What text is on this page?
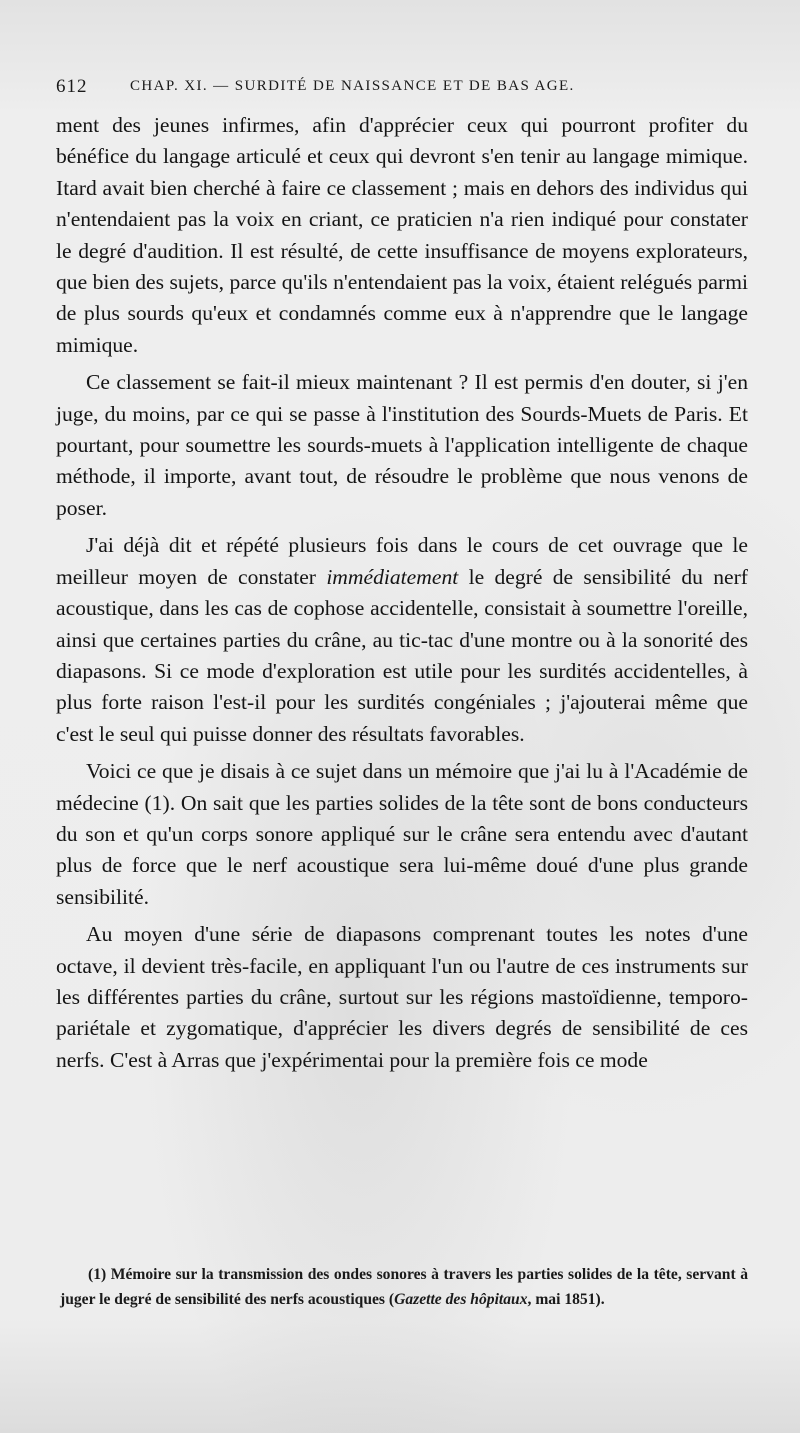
612	CHAP. XI. — SURDITÉ DE NAISSANCE ET DE BAS AGE.

ment des jeunes infirmes, afin d'apprécier ceux qui pourront profiter du bénéfice du langage articulé et ceux qui devront s'en tenir au langage mimique. Itard avait bien cherché à faire ce classement ; mais en dehors des individus qui n'entendaient pas la voix en criant, ce praticien n'a rien indiqué pour constater le degré d'audition. Il est résulté, de cette insuffisance de moyens explorateurs, que bien des sujets, parce qu'ils n'entendaient pas la voix, étaient relégués parmi de plus sourds qu'eux et condamnés comme eux à n'apprendre que le langage mimique.

Ce classement se fait-il mieux maintenant ? Il est permis d'en douter, si j'en juge, du moins, par ce qui se passe à l'institution des Sourds-Muets de Paris. Et pourtant, pour soumettre les sourds-muets à l'application intelligente de chaque méthode, il importe, avant tout, de résoudre le problème que nous venons de poser.

J'ai déjà dit et répété plusieurs fois dans le cours de cet ouvrage que le meilleur moyen de constater immédiatement le degré de sensibilité du nerf acoustique, dans les cas de cophose accidentelle, consistait à soumettre l'oreille, ainsi que certaines parties du crâne, au tic-tac d'une montre ou à la sonorité des diapasons. Si ce mode d'exploration est utile pour les surdités accidentelles, à plus forte raison l'est-il pour les surdités congéniales ; j'ajouterai même que c'est le seul qui puisse donner des résultats favorables.

Voici ce que je disais à ce sujet dans un mémoire que j'ai lu à l'Académie de médecine (1). On sait que les parties solides de la tête sont de bons conducteurs du son et qu'un corps sonore appliqué sur le crâne sera entendu avec d'autant plus de force que le nerf acoustique sera lui-même doué d'une plus grande sensibilité.

Au moyen d'une série de diapasons comprenant toutes les notes d'une octave, il devient très-facile, en appliquant l'un ou l'autre de ces instruments sur les différentes parties du crâne, surtout sur les régions mastoïdienne, temporo-pariétale et zygomatique, d'apprécier les divers degrés de sensibilité de ces nerfs. C'est à Arras que j'expérimentai pour la première fois ce mode

(1) Mémoire sur la transmission des ondes sonores à travers les parties solides de la tête, servant à juger le degré de sensibilité des nerfs acoustiques (Gazette des hôpitaux, mai 1851).
